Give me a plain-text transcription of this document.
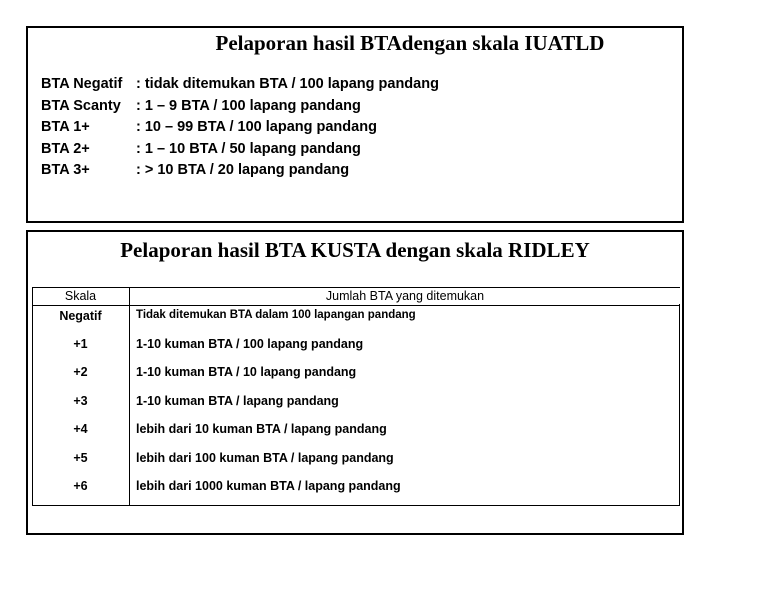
Pelaporan hasil BTAdengan skala IUATLD
BTA Negatif : tidak ditemukan BTA / 100 lapang pandang
BTA Scanty	: 1 – 9 BTA / 100 lapang pandang
BTA 1+	: 10 – 99 BTA / 100 lapang pandang
BTA 2+	: 1 – 10 BTA / 50 lapang pandang
BTA 3+	: > 10 BTA / 20 lapang pandang
Pelaporan hasil BTA KUSTA dengan skala RIDLEY
Skala	Jumlah BTA yang ditemukan
Negatif	Tidak ditemukan BTA dalam 100 lapangan pandang
+1	1-10 kuman BTA / 100 lapang pandang
+2	1-10 kuman BTA / 10 lapang pandang
+3	1-10 kuman BTA / lapang pandang
+4	lebih dari 10 kuman BTA / lapang pandang
+5	lebih dari 100 kuman BTA / lapang pandang
+6	lebih dari 1000 kuman BTA / lapang pandang
